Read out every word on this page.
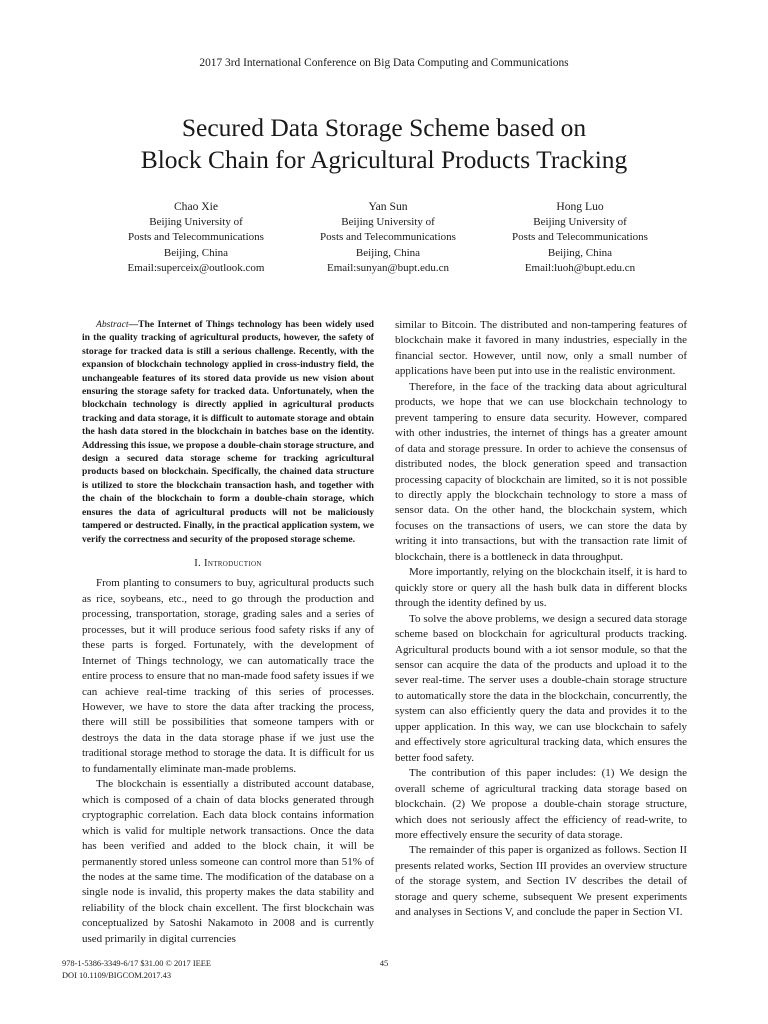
2017 3rd International Conference on Big Data Computing and Communications
Secured Data Storage Scheme based on
Block Chain for Agricultural Products Tracking
Chao Xie
Beijing University of
Posts and Telecommunications
Beijing, China
Email:superceix@outlook.com
Yan Sun
Beijing University of
Posts and Telecommunications
Beijing, China
Email:sunyan@bupt.edu.cn
Hong Luo
Beijing University of
Posts and Telecommunications
Beijing, China
Email:luoh@bupt.edu.cn

Abstract—The Internet of Things technology has been widely used in the quality tracking of agricultural products, however, the safety of storage for tracked data is still a serious challenge. Recently, with the expansion of blockchain technology applied in cross-industry field, the unchangeable features of its stored data provide us new vision about ensuring the storage safety for tracked data. Unfortunately, when the blockchain technology is directly applied in agricultural products tracking and data storage, it is difficult to automate storage and obtain the hash data stored in the blockchain in batches base on the identity. Addressing this issue, we propose a double-chain storage structure, and design a secured data storage scheme for tracking agricultural products based on blockchain. Specifically, the chained data structure is utilized to store the blockchain transaction hash, and together with the chain of the blockchain to form a double-chain storage, which ensures the data of agricultural products will not be maliciously tampered or destructed. Finally, in the practical application system, we verify the correctness and security of the proposed storage scheme.

I. Introduction

From planting to consumers to buy, agricultural products such as rice, soybeans, etc., need to go through the production and processing, transportation, storage, grading sales and a series of processes, but it will produce serious food safety risks if any of these parts is forged. Fortunately, with the development of Internet of Things technology, we can automatically trace the entire process to ensure that no man-made food safety issues if we can achieve real-time tracking of this series of processes. However, we have to store the data after tracking the process, there will still be possibilities that someone tampers with or destroys the data in the data storage phase if we just use the traditional storage method to storage the data. It is difficult for us to fundamentally eliminate man-made problems.

The blockchain is essentially a distributed account database, which is composed of a chain of data blocks generated through cryptographic correlation. Each data block contains information which is valid for multiple network transactions. Once the data has been verified and added to the block chain, it will be permanently stored unless someone can control more than 51% of the nodes at the same time. The modification of the database on a single node is invalid, this property makes the data stability and reliability of the block chain excellent. The first blockchain was conceptualized by Satoshi Nakamoto in 2008 and is currently used primarily in digital currencies

similar to Bitcoin. The distributed and non-tampering features of blockchain make it favored in many industries, especially in the financial sector. However, until now, only a small number of applications have been put into use in the realistic environment.

Therefore, in the face of the tracking data about agricultural products, we hope that we can use blockchain technology to prevent tampering to ensure data security. However, compared with other industries, the internet of things has a greater amount of data and storage pressure. In order to achieve the consensus of distributed nodes, the block generation speed and transaction processing capacity of blockchain are limited, so it is not possible to directly apply the blockchain technology to store a mass of sensor data. On the other hand, the blockchain system, which focuses on the transactions of users, we can store the data by writing it into transactions, but with the transaction rate limit of blockchain, there is a bottleneck in data throughput.

More importantly, relying on the blockchain itself, it is hard to quickly store or query all the hash bulk data in different blocks through the identity defined by us.

To solve the above problems, we design a secured data storage scheme based on blockchain for agricultural products tracking. Agricultural products bound with a iot sensor module, so that the sensor can acquire the data of the products and upload it to the sever real-time. The server uses a double-chain storage structure to automatically store the data in the blockchain, concurrently, the system can also efficiently query the data and provides it to the upper application. In this way, we can use blockchain to safely and effectively store agricultural tracking data, which ensures the better food safety.

The contribution of this paper includes: (1) We design the overall scheme of agricultural tracking data storage based on blockchain. (2) We propose a double-chain storage structure, which does not seriously affect the efficiency of read-write, to more effectively ensure the security of data storage.

The remainder of this paper is organized as follows. Section II presents related works, Section III provides an overview structure of the storage system, and Section IV describes the detail of storage and query scheme, subsequent We present experiments and analyses in Sections V, and conclude the paper in Section VI.

978-1-5386-3349-6/17 $31.00 © 2017 IEEE
DOI 10.1109/BIGCOM.2017.43
45
